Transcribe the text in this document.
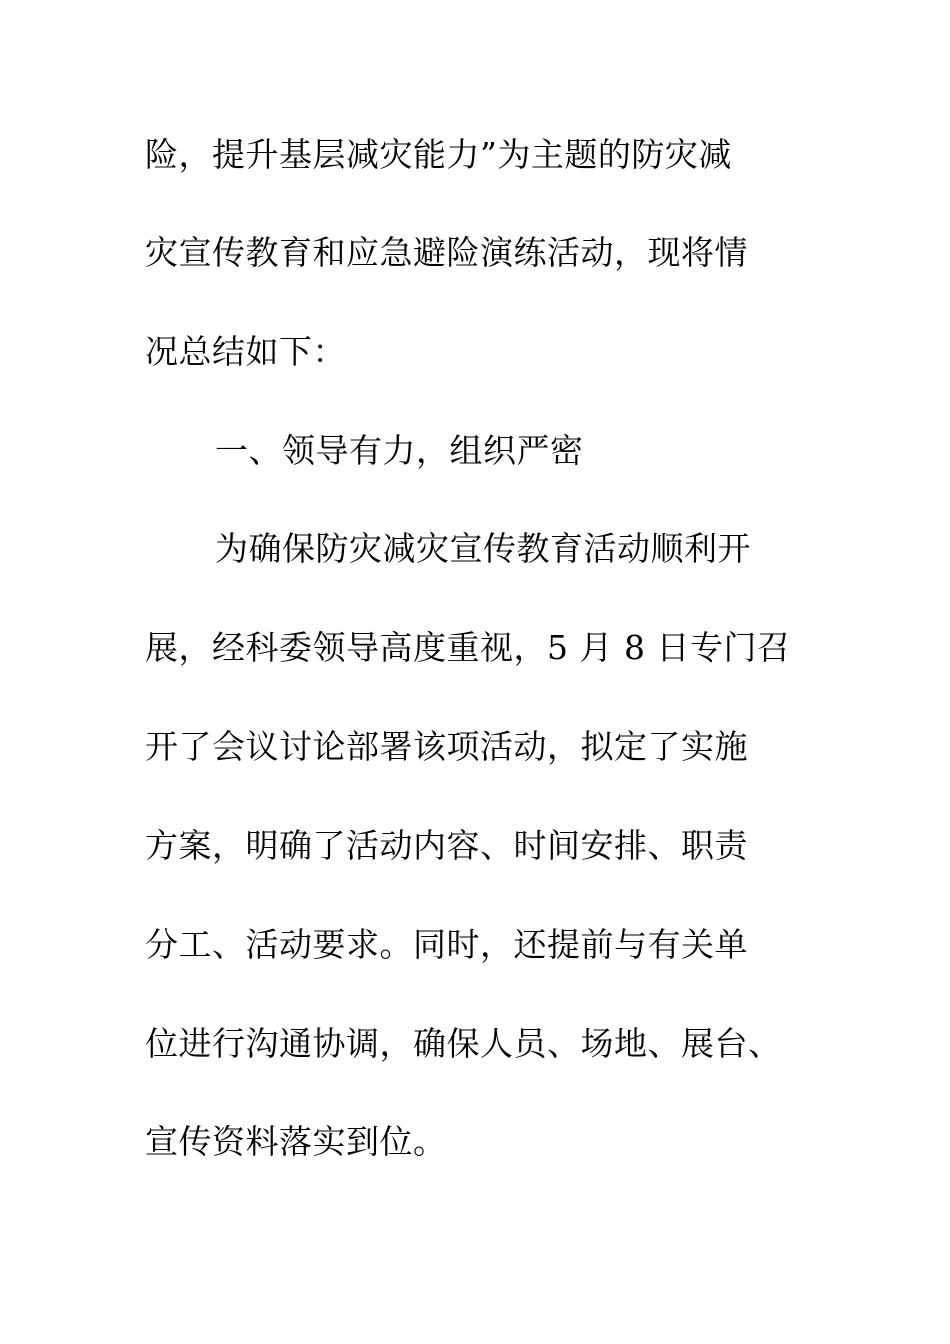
险，提升基层减灾能力”为主题的防灾减
灾宣传教育和应急避险演练活动，现将情
况总结如下：
一、领导有力，组织严密
为确保防灾减灾宣传教育活动顺利开
展，经科委领导高度重视，5 月 8 日专门召
开了会议讨论部署该项活动，拟定了实施
方案，明确了活动内容、时间安排、职责
分工、活动要求。同时，还提前与有关单
位进行沟通协调，确保人员、场地、展台、
宣传资料落实到位。
